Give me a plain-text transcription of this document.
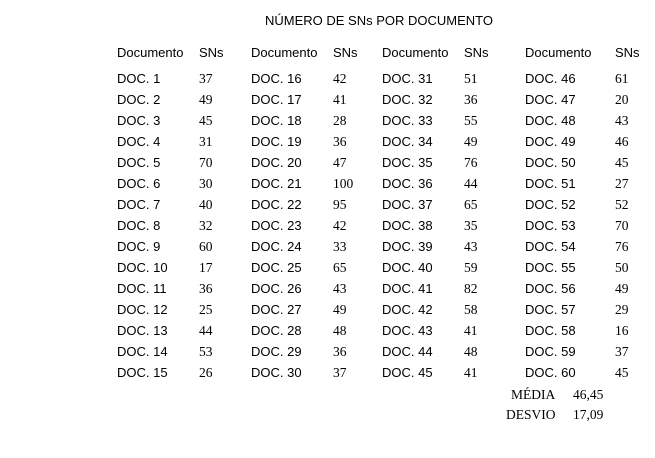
NÚMERO DE SNs POR DOCUMENTO
Documento SNs
DOC. 1	37
DOC. 2	49
DOC. 3	45
DOC. 4	31
DOC. 5	70
DOC. 6	30
DOC. 7	40
DOC. 8	32
DOC. 9	60
DOC. 10 17
DOC. 11 36
DOC. 12 25
DOC. 13 44
DOC. 14 53
DOC. 15 26
Documento SNs
DOC. 16 42
DOC. 17 41
DOC. 18 28
DOC. 19 36
DOC. 20 47
DOC. 21 100
DOC. 22 95
DOC. 23 42
DOC. 24 33
DOC. 25 65
DOC. 26 43
DOC. 27 49
DOC. 28 48
DOC. 29 36
DOC. 30 37
Documento SNs
DOC. 31 51
DOC. 32 36
DOC. 33 55
DOC. 34 49
DOC. 35 76
DOC. 36 44
DOC. 37 65
DOC. 38 35
DOC. 39 43
DOC. 40 59
DOC. 41 82
DOC. 42 58
DOC. 43 41
DOC. 44 48
DOC. 45 41
Documento SNs
DOC. 46	61
DOC. 47	20
DOC. 48	43
DOC. 49	46
DOC. 50	45
DOC. 51	27
DOC. 52	52
DOC. 53	70
DOC. 54	76
DOC. 55	50
DOC. 56	49
DOC. 57	29
DOC. 58	16
DOC. 59	37
DOC. 60	45
MÉDIA 46,45
DESVIO 17,09
